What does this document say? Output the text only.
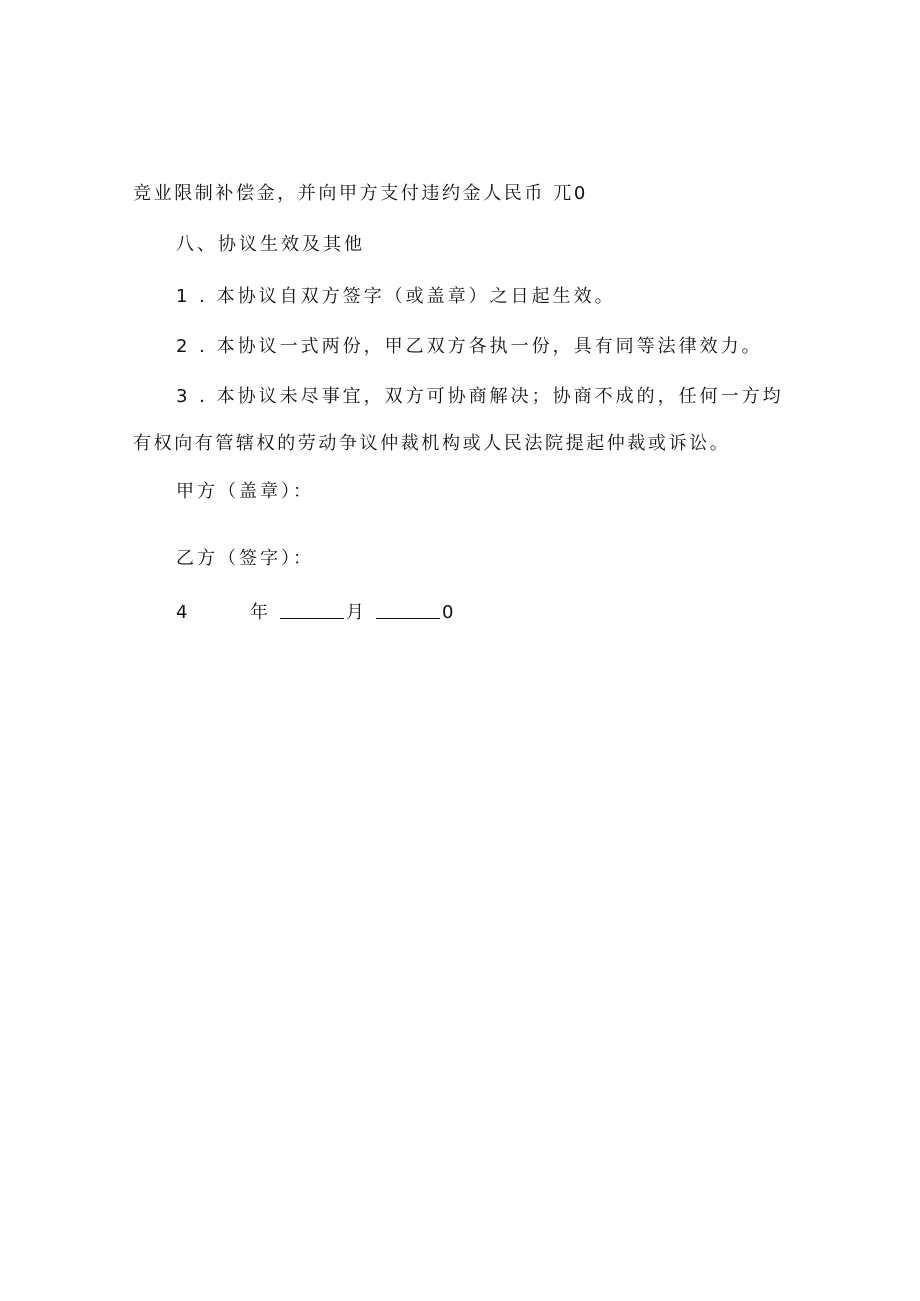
竞业限制补偿金，并向甲方支付违约金人民币 兀0
八、协议生效及其他
1 . 本协议自双方签字（或盖章）之日起生效。
2 . 本协议一式两份，甲乙双方各执一份，具有同等法律效力。
3 . 本协议未尽事宜，双方可协商解决；协商不成的，任何一方均
有权向有管辖权的劳动争议仲裁机构或人民法院提起仲裁或诉讼。
甲方（盖章）：
乙方（签字）：
4	年	月	0
